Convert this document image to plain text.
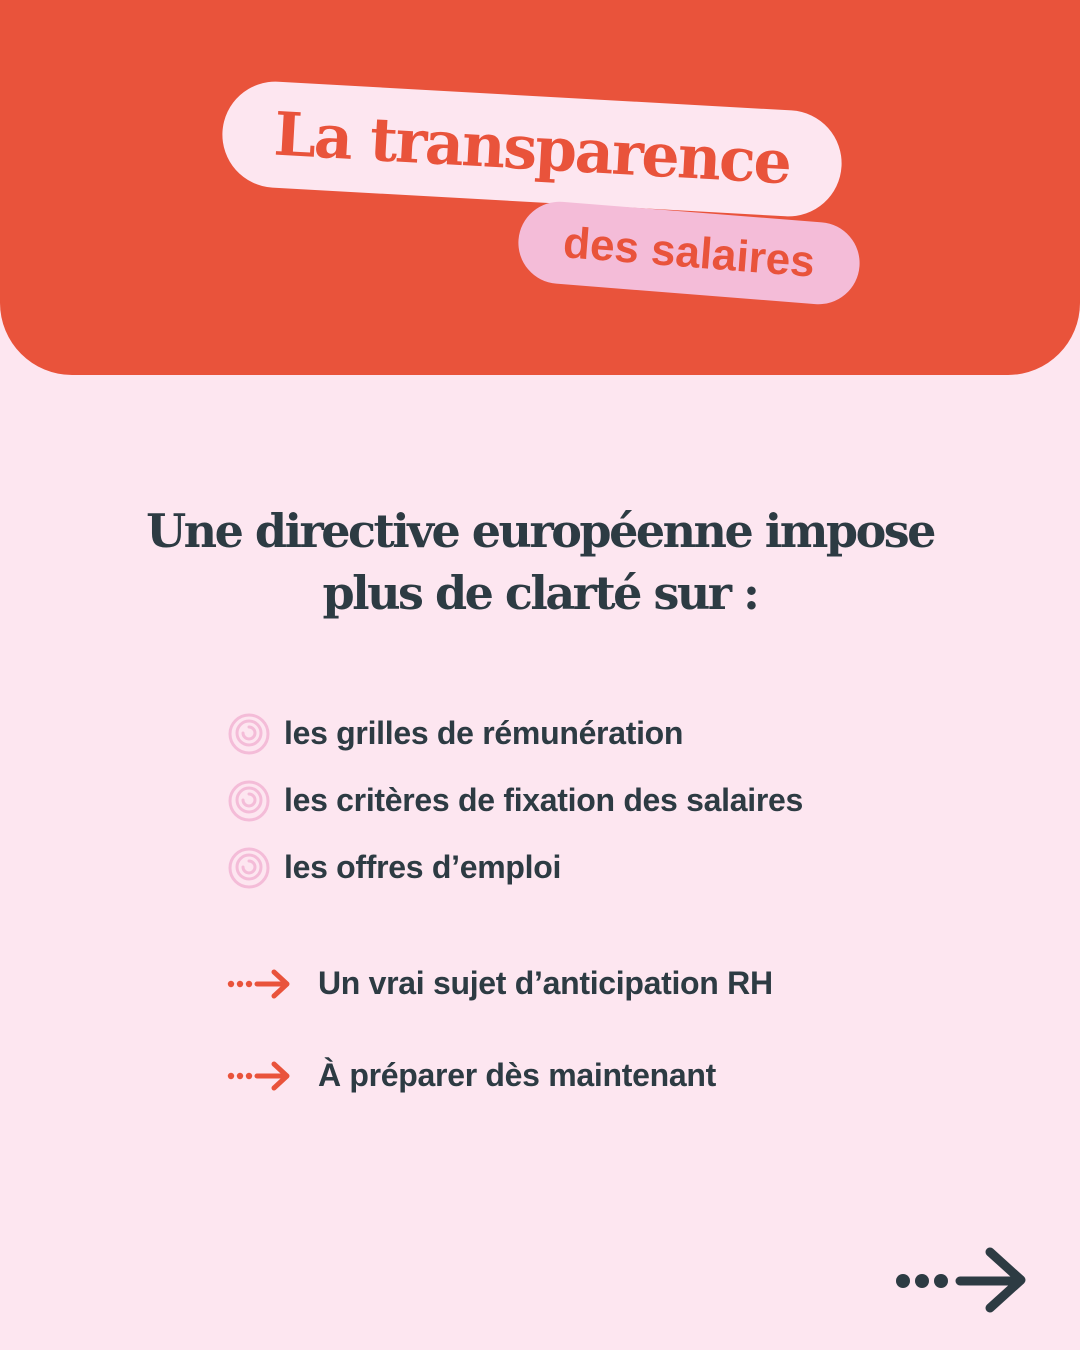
La transparence
des salaires
Une directive européenne impose
plus de clarté sur :
les grilles de rémunération
les critères de fixation des salaires
les offres d’emploi
Un vrai sujet d’anticipation RH
À préparer dès maintenant
